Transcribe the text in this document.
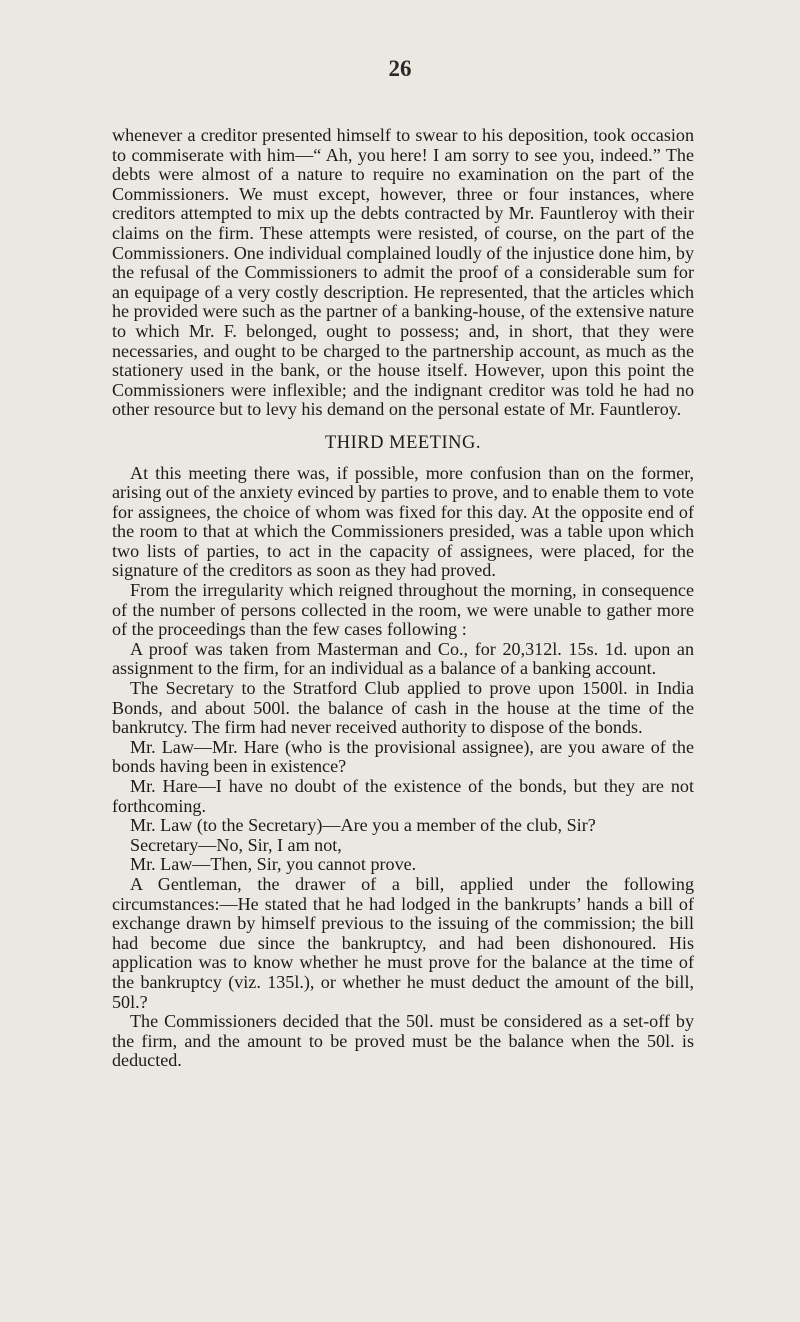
26

whenever a creditor presented himself to swear to his deposition, took occasion to commiserate with him—“ Ah, you here! I am sorry to see you, indeed.” The debts were almost of a nature to require no examination on the part of the Commissioners. We must except, however, three or four instances, where creditors attempted to mix up the debts contracted by Mr. Fauntleroy with their claims on the firm. These attempts were resisted, of course, on the part of the Commissioners. One individual complained loudly of the injustice done him, by the refusal of the Commissioners to admit the proof of a considerable sum for an equipage of a very costly description. He represented, that the articles which he provided were such as the partner of a banking-house, of the extensive nature to which Mr. F. belonged, ought to possess; and, in short, that they were necessaries, and ought to be charged to the partnership account, as much as the stationery used in the bank, or the house itself. However, upon this point the Commissioners were inflexible; and the indignant creditor was told he had no other resource but to levy his demand on the personal estate of Mr. Fauntleroy.

THIRD MEETING.

At this meeting there was, if possible, more confusion than on the former, arising out of the anxiety evinced by parties to prove, and to enable them to vote for assignees, the choice of whom was fixed for this day. At the opposite end of the room to that at which the Commissioners presided, was a table upon which two lists of parties, to act in the capacity of assignees, were placed, for the signature of the creditors as soon as they had proved.

From the irregularity which reigned throughout the morning, in consequence of the number of persons collected in the room, we were unable to gather more of the proceedings than the few cases following :

A proof was taken from Masterman and Co., for 20,312l. 15s. 1d. upon an assignment to the firm, for an individual as a balance of a banking account.

The Secretary to the Stratford Club applied to prove upon 1500l. in India Bonds, and about 500l. the balance of cash in the house at the time of the bankrutcy. The firm had never received authority to dispose of the bonds.

Mr. Law—Mr. Hare (who is the provisional assignee), are you aware of the bonds having been in existence?

Mr. Hare—I have no doubt of the existence of the bonds, but they are not forthcoming.

Mr. Law (to the Secretary)—Are you a member of the club, Sir?

Secretary—No, Sir, I am not,

Mr. Law—Then, Sir, you cannot prove.

A Gentleman, the drawer of a bill, applied under the following circumstances:—He stated that he had lodged in the bankrupts’ hands a bill of exchange drawn by himself previous to the issuing of the commission; the bill had become due since the bankruptcy, and had been dishonoured. His application was to know whether he must prove for the balance at the time of the bankruptcy (viz. 135l.), or whether he must deduct the amount of the bill, 50l.?

The Commissioners decided that the 50l. must be considered as a set-off by the firm, and the amount to be proved must be the balance when the 50l. is deducted.
